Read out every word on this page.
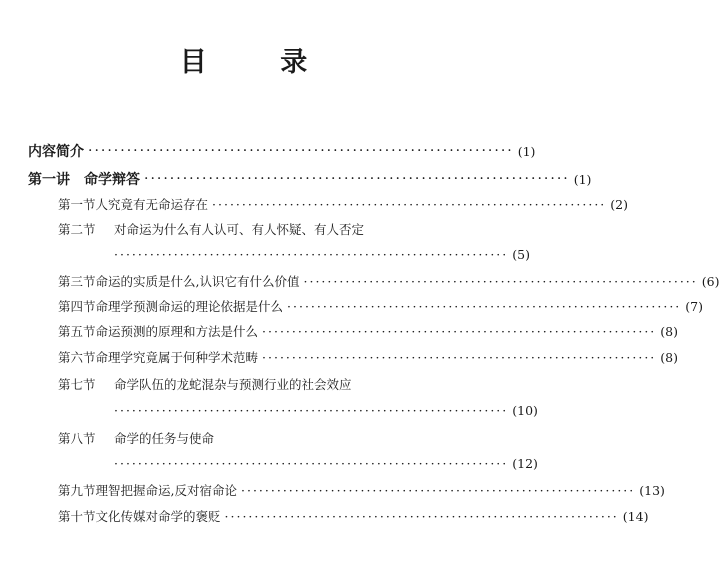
目 录
内容简介 ·································································· (1)
第一讲　命学辩答 ·································································· (1)
第一节 人究竟有无命运存在 ·································································· (2)
第二节	对命运为什么有人认可、有人怀疑、有人否定
·································································· (5)
第三节 命运的实质是什么,认识它有什么价值 ·································································· (6)
第四节 命理学预测命运的理论依据是什么 ·································································· (7)
第五节 命运预测的原理和方法是什么 ·································································· (8)
第六节 命理学究竟属于何种学术范畴 ·································································· (8)
第七节	命学队伍的龙蛇混杂与预测行业的社会效应
·································································· (10)
第八节	命学的任务与使命
·································································· (12)
第九节 理智把握命运,反对宿命论 ·································································· (13)
第十节 文化传媒对命学的褒贬 ·································································· (14)
